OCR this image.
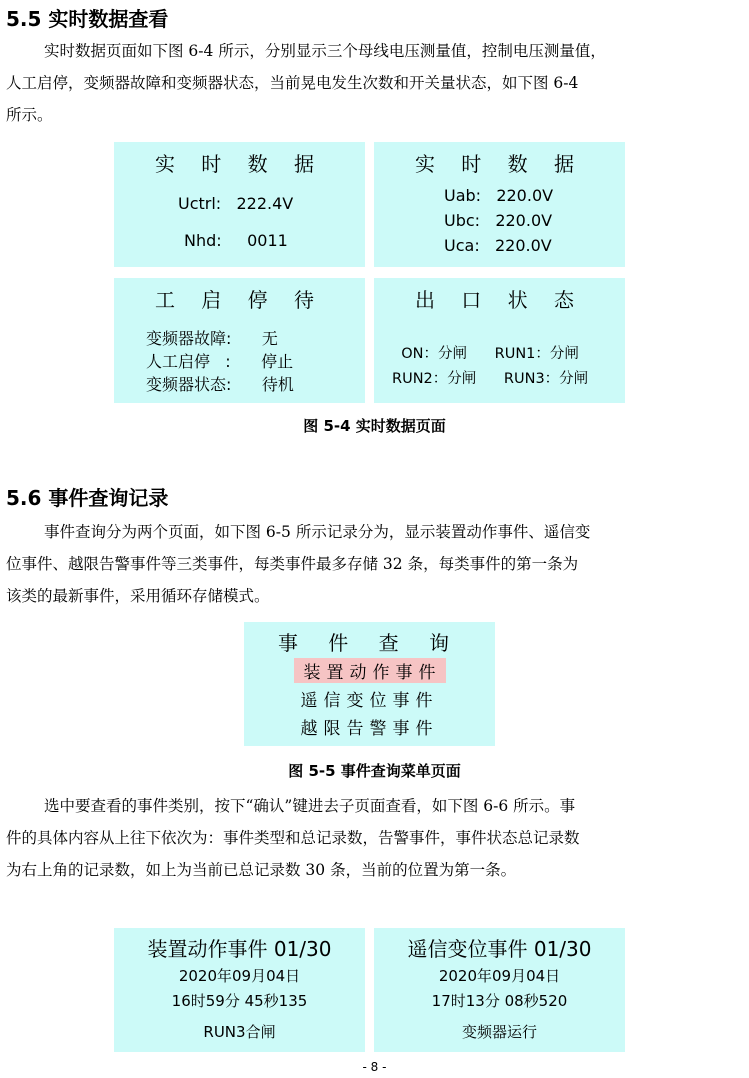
5.5 实时数据查看
实时数据页面如下图 6-4 所示，分别显示三个母线电压测量值，控制电压测量值，
人工启停，变频器故障和变频器状态，当前晃电发生次数和开关量状态，如下图 6-4
所示。
实 时 数 据
Uctrl:   222.4V
Nhd:     0011
实 时 数 据
Uab:   220.0V
Ubc:   220.0V
Uca:   220.0V
工 启 停 待
变频器故障:      无
人工启停   :      停止
变频器状态:      待机
出 口 状 态
ON：分闸      RUN1：分闸
RUN2：分闸      RUN3：分闸
图 5-4 实时数据页面
5.6 事件查询记录
事件查询分为两个页面，如下图 6-5 所示记录分为，显示装置动作事件、遥信变
位事件、越限告警事件等三类事件，每类事件最多存储 32 条，每类事件的第一条为
该类的最新事件，采用循环存储模式。
事 件 查 询
装置动作事件
遥信变位事件
越限告警事件
图 5-5 事件查询菜单页面
选中要查看的事件类别，按下“确认”键进去子页面查看，如下图 6-6 所示。事
件的具体内容从上往下依次为：事件类型和总记录数，告警事件，事件状态总记录数
为右上角的记录数，如上为当前已总记录数 30 条，当前的位置为第一条。
装置动作事件 01/30
2020年09月04日
16时59分 45秒135
RUN3合闸
遥信变位事件 01/30
2020年09月04日
17时13分 08秒520
变频器运行
- 8 -
